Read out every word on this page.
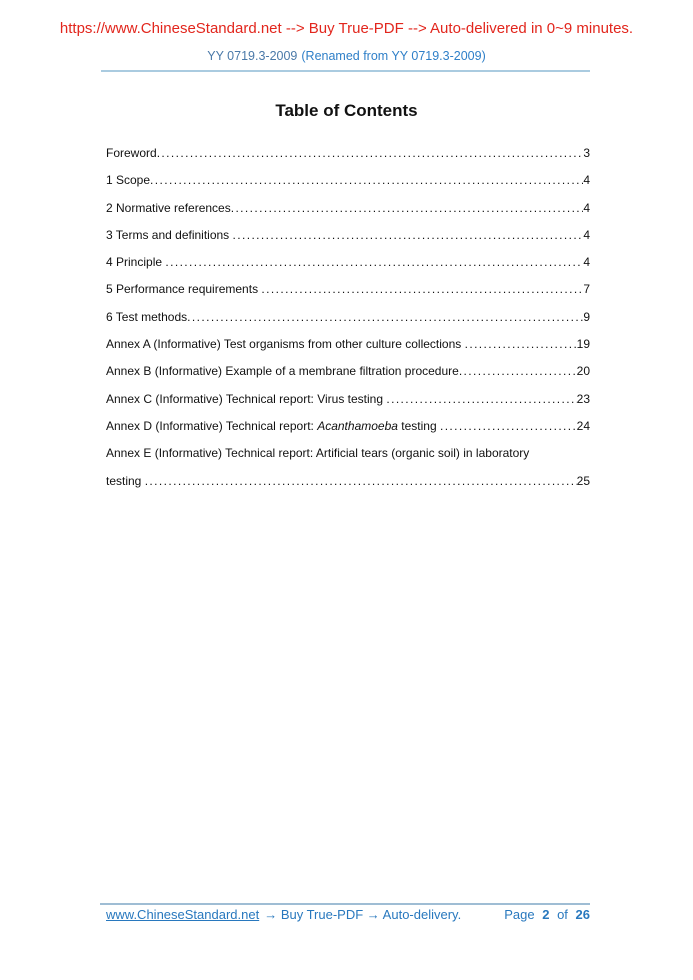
https://www.ChineseStandard.net --> Buy True-PDF --> Auto-delivered in 0~9 minutes.
YY 0719.3-2009 (Renamed from YY 0719.3-2009)
Table of Contents
Foreword .....	3
1 Scope .....	4
2 Normative references .....	4
3 Terms and definitions .....	4
4 Principle .....	4
5 Performance requirements .....	7
6 Test methods .....	9
Annex A (Informative) Test organisms from other culture collections .....	19
Annex B (Informative) Example of a membrane filtration procedure .....	20
Annex C (Informative) Technical report: Virus testing .....	23
Annex D (Informative) Technical report: Acanthamoeba testing .....	24
Annex E (Informative) Technical report: Artificial tears (organic soil) in laboratory
testing .....	25
www.ChineseStandard.net → Buy True-PDF → Auto-delivery.	Page 2 of 26
